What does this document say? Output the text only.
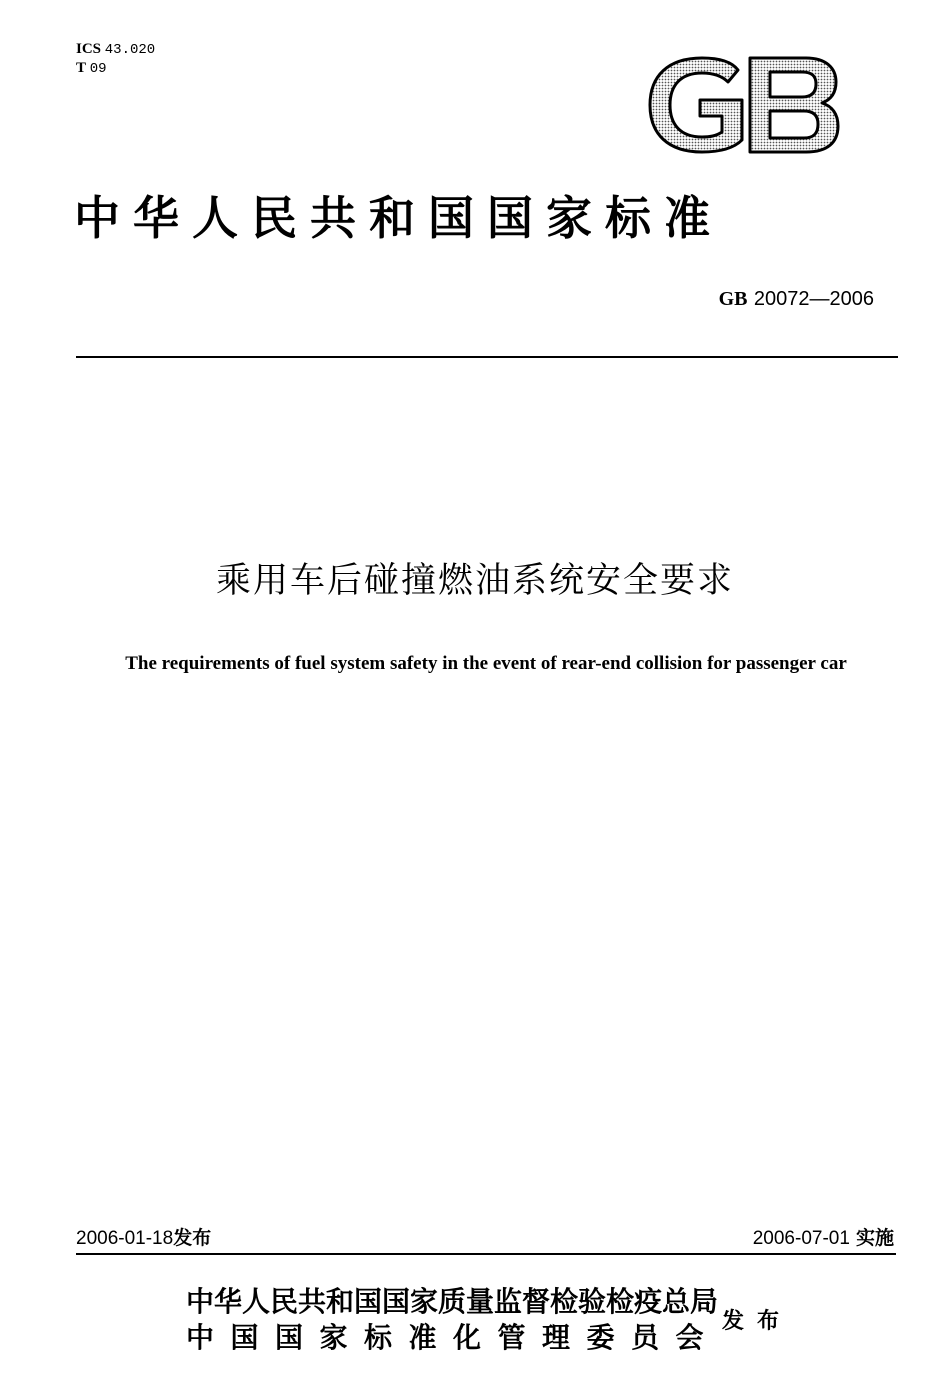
ICS 43.020
T 09
中华人民共和国国家标准
GB 20072—2006
乘用车后碰撞燃油系统安全要求
The requirements of fuel system safety in the event of rear-end collision for passenger car
2006-01-18发布	2006-07-01 实施
中华人民共和国国家质量监督检验检疫总局
中国国家标准化管理委员会 发布
